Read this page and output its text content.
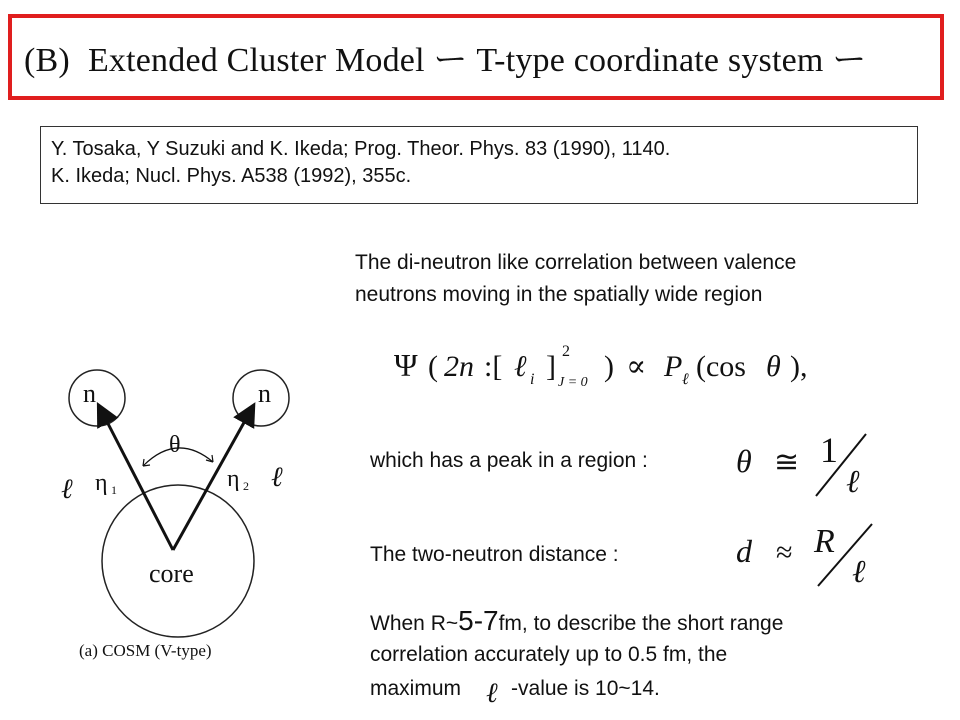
(B) Extended Cluster Model ー T-type coordinate system ー
Y. Tosaka, Y Suzuki and K. Ikeda; Prog. Theor. Phys. 83 (1990), 1140.
K. Ikeda; Nucl. Phys. A538 (1992), 355c.
The di-neutron like correlation between valence
neutrons moving in the spatially wide region
Ψ ( 2n :[ ℓ i ] 2
J = 0 ) ∝ P ℓ (cos θ ),
which has a peak in a region :	θ ≅ 1
ℓ
The two-neutron distance :	d ≈ R
ℓ
When R~5-7fm, to describe the short range
correlation accurately up to 0.5 fm, the
maximum -value is 10~14.
ℓ
n	n
θ
ℓ	ℓ
η 1	η 2
core
(a) COSM (V-type)
